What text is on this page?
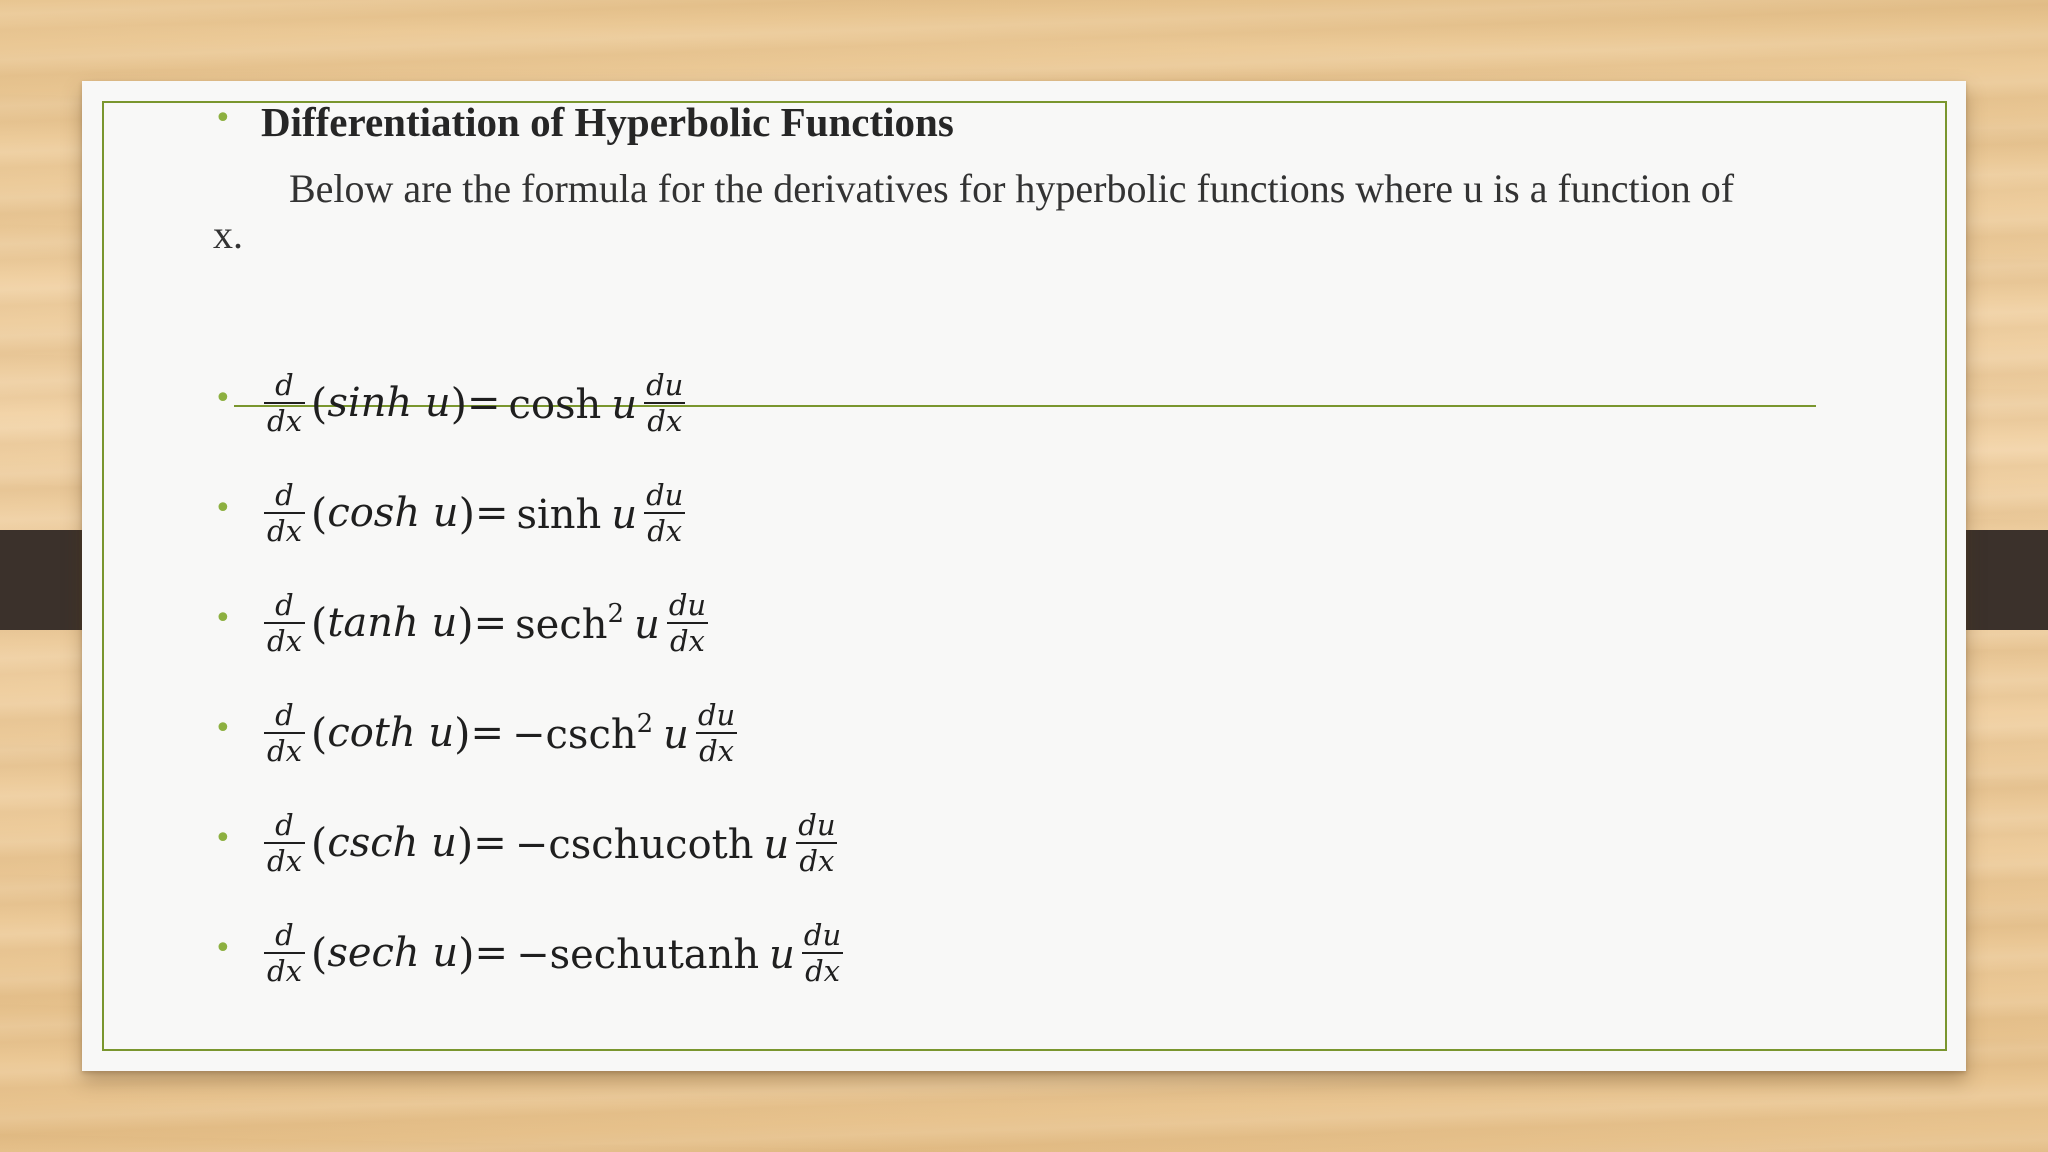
• Differentiation of Hyperbolic Functions
Below are the formula for the derivatives for hyperbolic functions where u is a function of x.
• $\frac{d}{dx}$ ( sinh u ) = cosh u $\frac{du}{dx}$
• $\frac{d}{dx}$ ( cosh u ) = sinh u $\frac{du}{dx}$
• $\frac{d}{dx}$ ( tanh u ) = sech$^2$ u $\frac{du}{dx}$
• $\frac{d}{dx}$ ( coth u ) = −csch$^2$ u $\frac{du}{dx}$
• $\frac{d}{dx}$ ( csch u ) = −cschucoth u $\frac{du}{dx}$
• $\frac{d}{dx}$ ( sech u ) = −sechutanh u $\frac{du}{dx}$
